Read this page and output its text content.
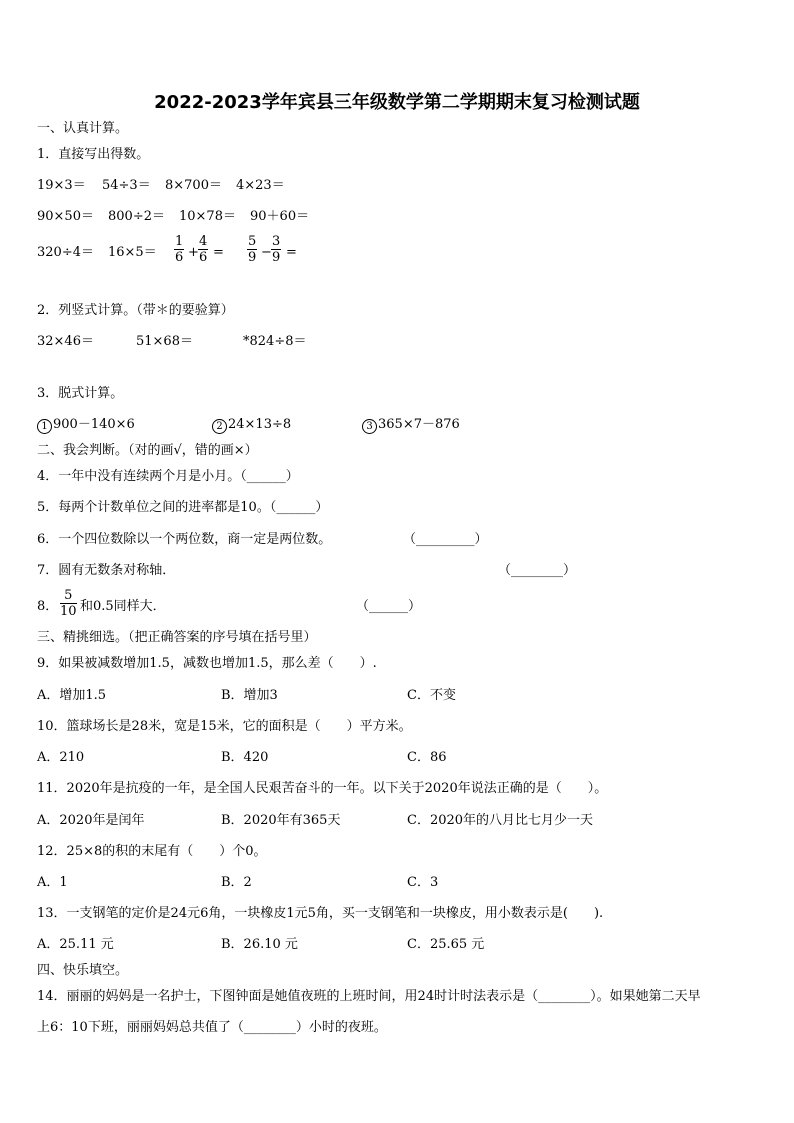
2022-2023学年宾县三年级数学第二学期期末复习检测试题
一、认真计算。
1．直接写出得数。
19×3＝ 54÷3＝ 8×700＝ 4×23＝
90×50＝ 800÷2＝ 10×78＝ 90＋60＝
$320\div 4= 16\times 5= \frac{1}{6} + \frac{4}{6} = \frac{5}{9} - \frac{3}{9}$ =
2．列竖式计算。（带＊的要验算）
32×46＝	51×68＝	*824÷8＝
3．脱式计算。
1 900－140×6	2 24×13÷8	3 365×7－876
二、我会判断。（对的画√，错的画×）
4．一年中没有连续两个月是小月。（______）
5．每两个计数单位之间的进率都是10。（______）
6．一个四位数除以一个两位数，商一定是两位数。	（_________）
7．圆有无数条对称轴．	（________）
8． $\frac{5}{10}$ 和0.5同样大．	（______）
三、精挑细选。（把正确答案的序号填在括号里）
9．如果被减数增加1.5，减数也增加1.5，那么差（　　）.
A．增加1.5	B．增加3	C．不变
10．篮球场长是28米，宽是15米，它的面积是（　　）平方米。
A．210	B．420	C．86
11．2020年是抗疫的一年，是全国人民艰苦奋斗的一年。以下关于2020年说法正确的是（　　）。
A．2020年是闰年	B．2020年有365天	C．2020年的八月比七月少一天
12．25×8的积的末尾有（　　）个0。
A．1	B．2	C．3
13．一支钢笔的定价是24元6角，一块橡皮1元5角，买一支钢笔和一块橡皮，用小数表示是(　　).
A．25.11 元	B．26.10 元	C．25.65 元
四、快乐填空。
14．丽丽的妈妈是一名护士，下图钟面是她值夜班的上班时间，用24时计时法表示是（________）。如果她第二天早
上6：10下班，丽丽妈妈总共值了（________）小时的夜班。
